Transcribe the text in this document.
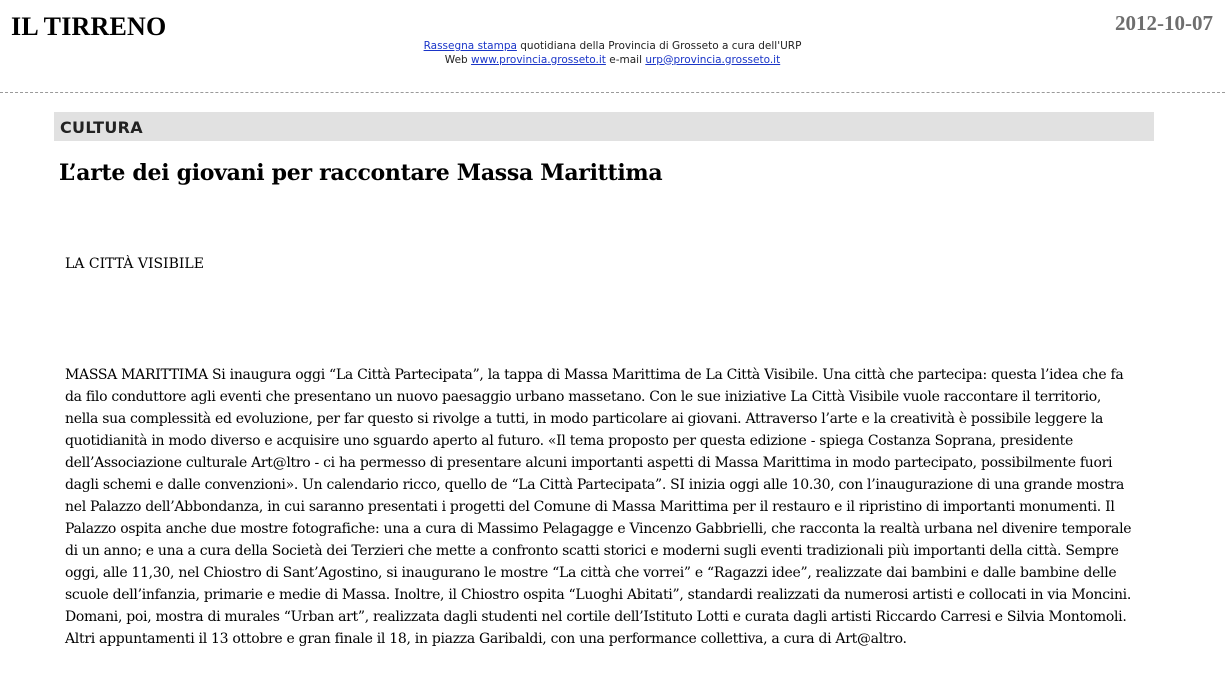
IL TIRRENO	2012-10-07
Rassegna stampa quotidiana della Provincia di Grosseto a cura dell'URP
Web www.provincia.grosseto.it e-mail urp@provincia.grosseto.it
CULTURA
L’arte dei giovani per raccontare Massa Marittima
LA CITTÀ VISIBILE
MASSA MARITTIMA Si inaugura oggi “La Città Partecipata”, la tappa di Massa Marittima de La Città Visibile. Una città che partecipa: questa l’idea che fa da filo conduttore agli eventi che presentano un nuovo paesaggio urbano massetano. Con le sue iniziative La Città Visibile vuole raccontare il territorio, nella sua complessità ed evoluzione, per far questo si rivolge a tutti, in modo particolare ai giovani. Attraverso l’arte e la creatività è possibile leggere la quotidianità in modo diverso e acquisire uno sguardo aperto al futuro. «Il tema proposto per questa edizione - spiega Costanza Soprana, presidente dell’Associazione culturale Art@ltro - ci ha permesso di presentare alcuni importanti aspetti di Massa Marittima in modo partecipato, possibilmente fuori dagli schemi e dalle convenzioni». Un calendario ricco, quello de “La Città Partecipata”. SI inizia oggi alle 10.30, con l’inaugurazione di una grande mostra nel Palazzo dell’Abbondanza, in cui saranno presentati i progetti del Comune di Massa Marittima per il restauro e il ripristino di importanti monumenti. Il Palazzo ospita anche due mostre fotografiche: una a cura di Massimo Pelagagge e Vincenzo Gabbrielli, che racconta la realtà urbana nel divenire temporale di un anno; e una a cura della Società dei Terzieri che mette a confronto scatti storici e moderni sugli eventi tradizionali più importanti della città. Sempre oggi, alle 11,30, nel Chiostro di Sant’Agostino, si inaugurano le mostre “La città che vorrei” e “Ragazzi idee”, realizzate dai bambini e dalle bambine delle scuole dell’infanzia, primarie e medie di Massa. Inoltre, il Chiostro ospita “Luoghi Abitati”, standardi realizzati da numerosi artisti e collocati in via Moncini. Domani, poi, mostra di murales “Urban art”, realizzata dagli studenti nel cortile dell’Istituto Lotti e curata dagli artisti Riccardo Carresi e Silvia Montomoli. Altri appuntamenti il 13 ottobre e gran finale il 18, in piazza Garibaldi, con una performance collettiva, a cura di Art@altro.
